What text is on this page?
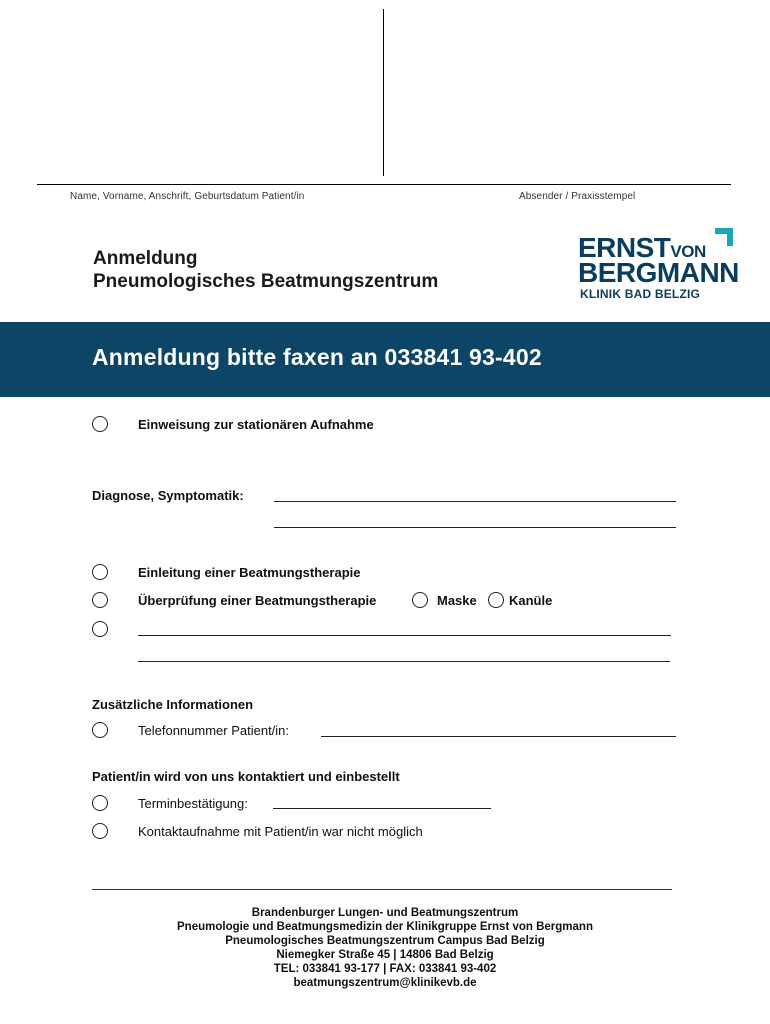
Name, Vorname, Anschrift, Geburtsdatum Patient/in	Absender / Praxisstempel
Anmeldung
Pneumologisches Beatmungszentrum
ERNSTVON
BERGMANN
KLINIK BAD BELZIG
Anmeldung bitte faxen an 033841 93-402
Einweisung zur stationären Aufnahme
Diagnose, Symptomatik:
Einleitung einer Beatmungstherapie
Überprüfung einer Beatmungstherapie	Maske Kanüle
Zusätzliche Informationen
Telefonnummer Patient/in:
Patient/in wird von uns kontaktiert und einbestellt
Terminbestätigung:
Kontaktaufnahme mit Patient/in war nicht möglich
Brandenburger Lungen- und Beatmungszentrum
Pneumologie und Beatmungsmedizin der Klinikgruppe Ernst von Bergmann
Pneumologisches Beatmungszentrum Campus Bad Belzig
Niemegker Straße 45 | 14806 Bad Belzig
TEL: 033841 93-177 | FAX: 033841 93-402
beatmungszentrum@klinikevb.de
